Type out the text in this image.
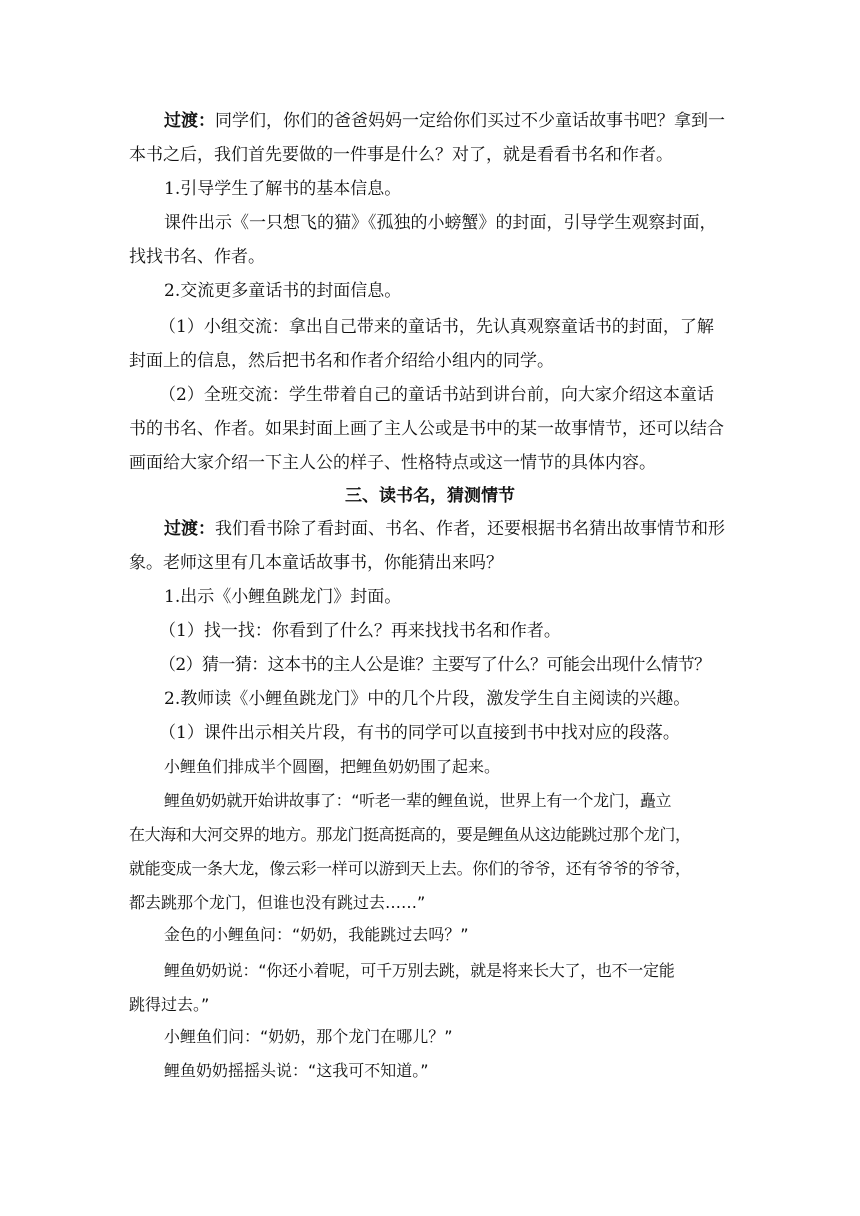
过渡：同学们，你们的爸爸妈妈一定给你们买过不少童话故事书吧？拿到一
本书之后，我们首先要做的一件事是什么？对了，就是看看书名和作者。
1.引导学生了解书的基本信息。
课件出示《一只想飞的猫》《孤独的小螃蟹》的封面，引导学生观察封面，
找找书名、作者。
2.交流更多童话书的封面信息。
（1）小组交流：拿出自己带来的童话书，先认真观察童话书的封面，了解
封面上的信息，然后把书名和作者介绍给小组内的同学。
（2）全班交流：学生带着自己的童话书站到讲台前，向大家介绍这本童话
书的书名、作者。如果封面上画了主人公或是书中的某一故事情节，还可以结合
画面给大家介绍一下主人公的样子、性格特点或这一情节的具体内容。
三、读书名，猜测情节
过渡：我们看书除了看封面、书名、作者，还要根据书名猜出故事情节和形
象。老师这里有几本童话故事书，你能猜出来吗？
1.出示《小鲤鱼跳龙门》封面。
（1）找一找：你看到了什么？再来找找书名和作者。
（2）猜一猜：这本书的主人公是谁？主要写了什么？可能会出现什么情节？
2.教师读《小鲤鱼跳龙门》中的几个片段，激发学生自主阅读的兴趣。
（1）课件出示相关片段，有书的同学可以直接到书中找对应的段落。
小鲤鱼们排成半个圆圈，把鲤鱼奶奶围了起来。
鲤鱼奶奶就开始讲故事了：“听老一辈的鲤鱼说，世界上有一个龙门，矗立
在大海和大河交界的地方。那龙门挺高挺高的，要是鲤鱼从这边能跳过那个龙门，
就能变成一条大龙，像云彩一样可以游到天上去。你们的爷爷，还有爷爷的爷爷，
都去跳那个龙门，但谁也没有跳过去……”
金色的小鲤鱼问：“奶奶，我能跳过去吗？”
鲤鱼奶奶说：“你还小着呢，可千万别去跳，就是将来长大了，也不一定能
跳得过去。”
小鲤鱼们问：“奶奶，那个龙门在哪儿？”
鲤鱼奶奶摇摇头说：“这我可不知道。”
